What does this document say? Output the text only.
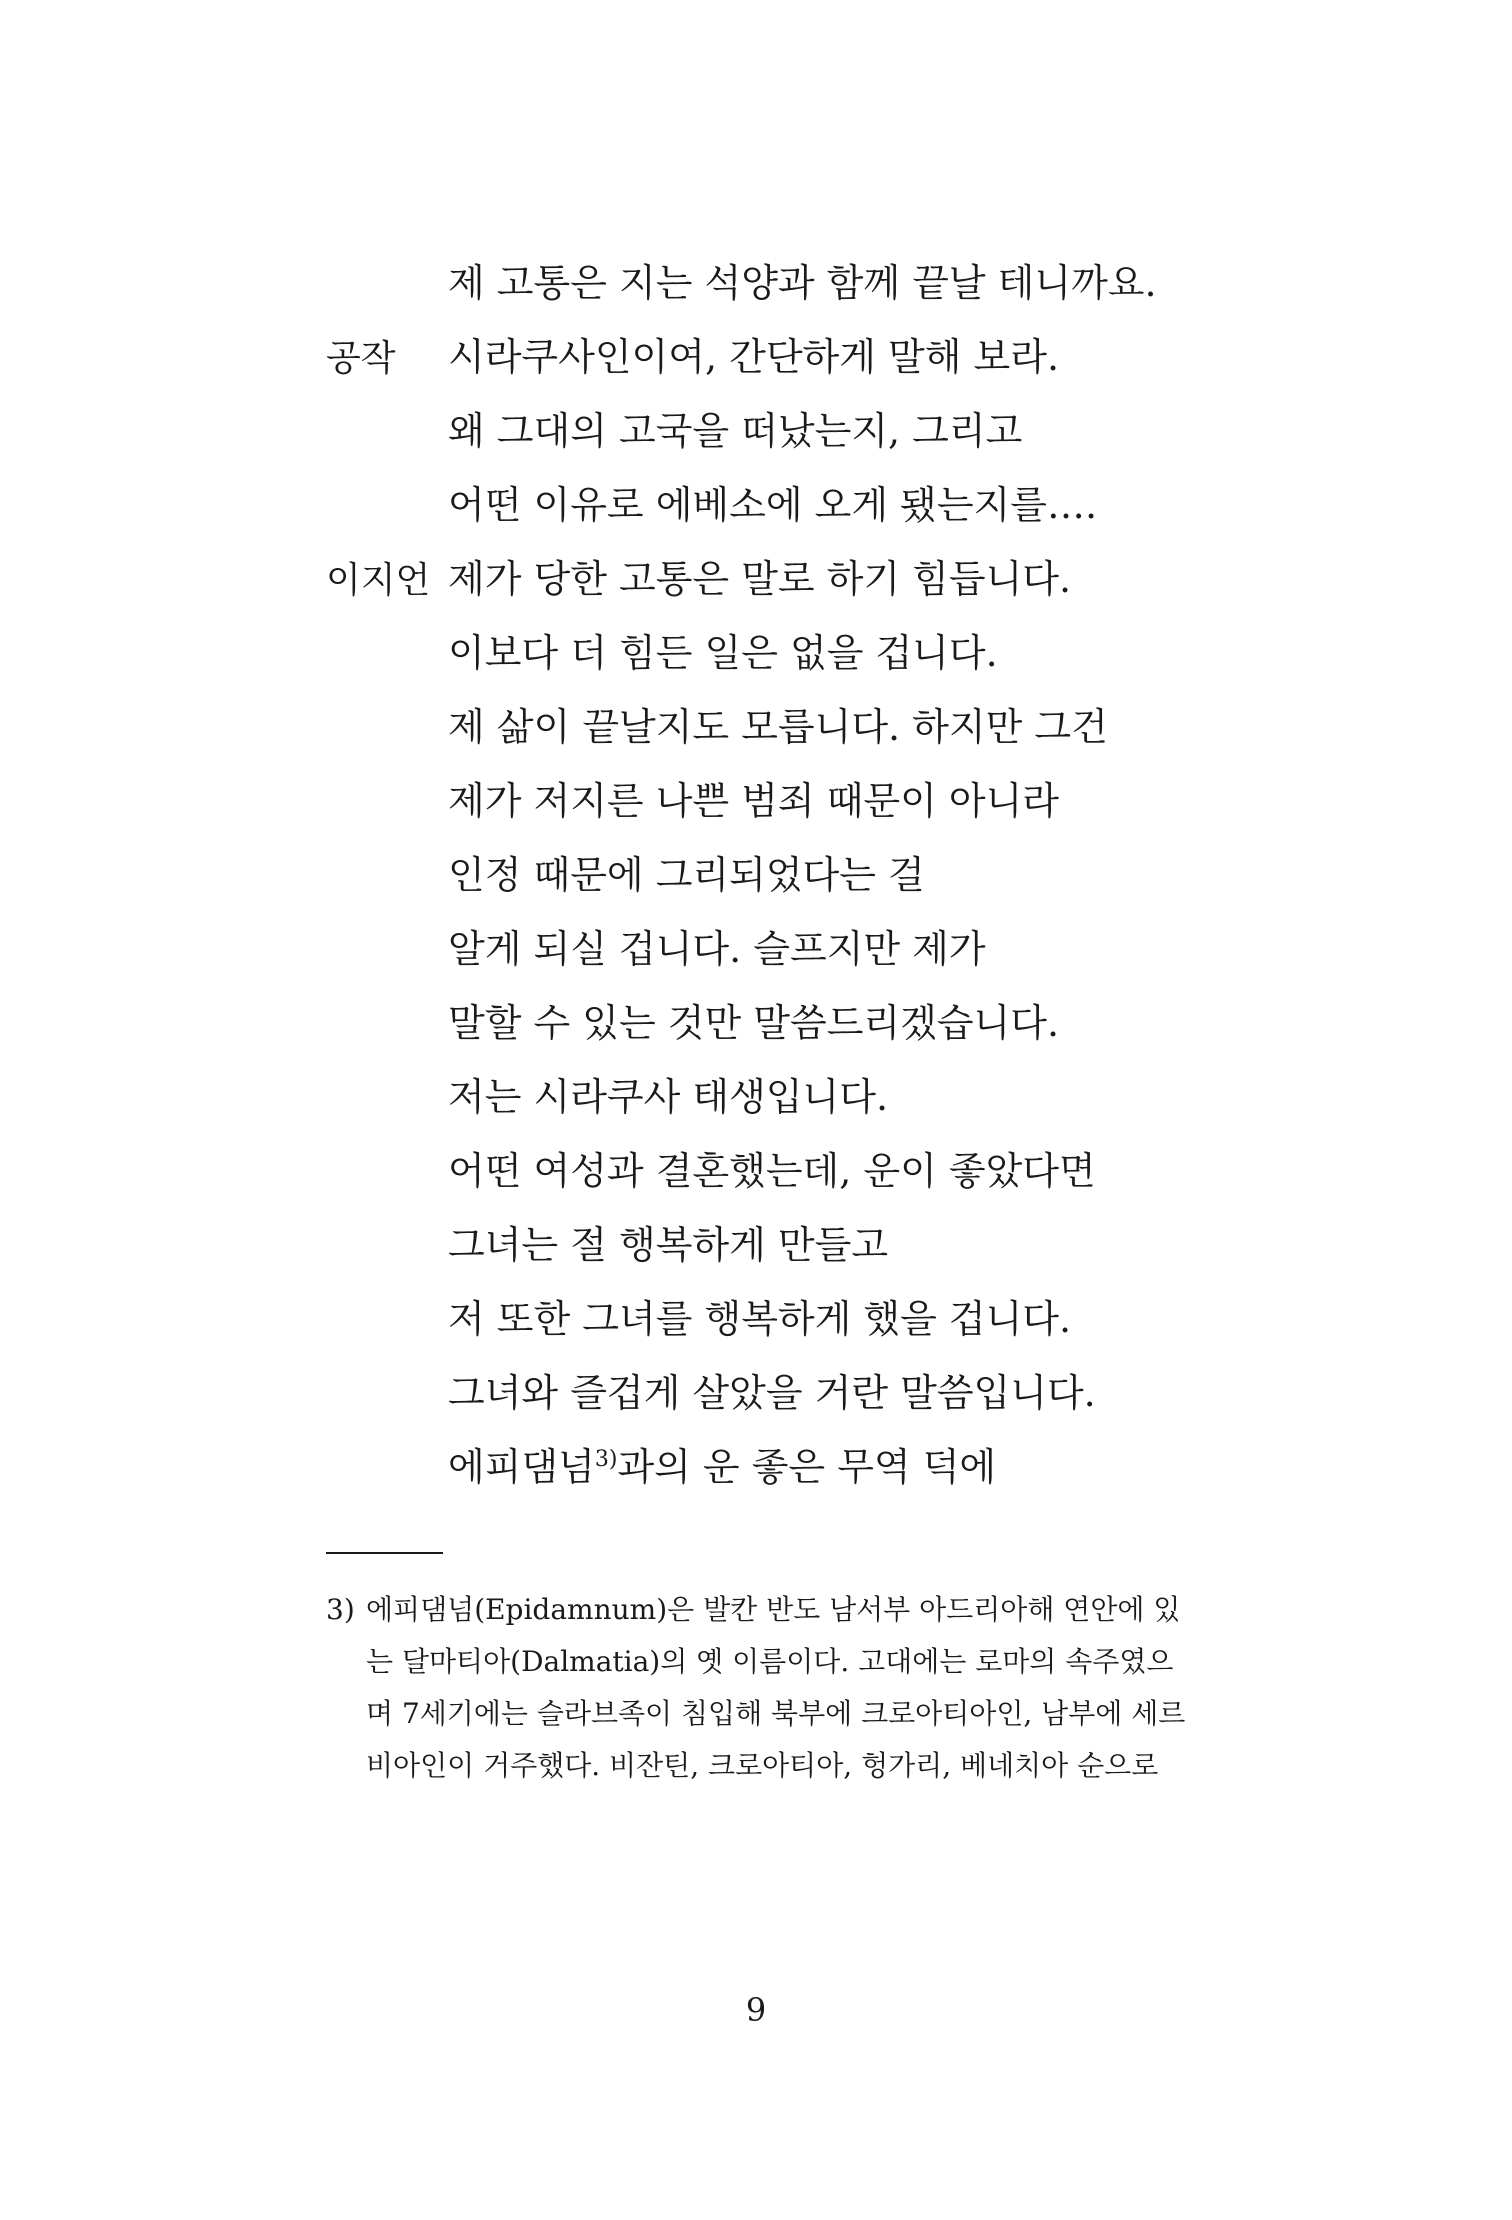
제 고통은 지는 석양과 함께 끝날 테니까요.
공작 시라쿠사인이여, 간단하게 말해 보라.
왜 그대의 고국을 떠났는지, 그리고
어떤 이유로 에베소에 오게 됐는지를….
이지언 제가 당한 고통은 말로 하기 힘듭니다.
이보다 더 힘든 일은 없을 겁니다.
제 삶이 끝날지도 모릅니다. 하지만 그건
제가 저지른 나쁜 범죄 때문이 아니라
인정 때문에 그리되었다는 걸
알게 되실 겁니다. 슬프지만 제가
말할 수 있는 것만 말씀드리겠습니다.
저는 시라쿠사 태생입니다.
어떤 여성과 결혼했는데, 운이 좋았다면
그녀는 절 행복하게 만들고
저 또한 그녀를 행복하게 했을 겁니다.
그녀와 즐겁게 살았을 거란 말씀입니다.
에피댐넘$^{3)}$과의 운 좋은 무역 덕에
3) 에피댐넘(Epidamnum)은 발칸 반도 남서부 아드리아해 연안에 있
는 달마티아(Dalmatia)의 옛 이름이다. 고대에는 로마의 속주였으
며 7세기에는 슬라브족이 침입해 북부에 크로아티아인, 남부에 세르
비아인이 거주했다. 비잔틴, 크로아티아, 헝가리, 베네치아 순으로
9
